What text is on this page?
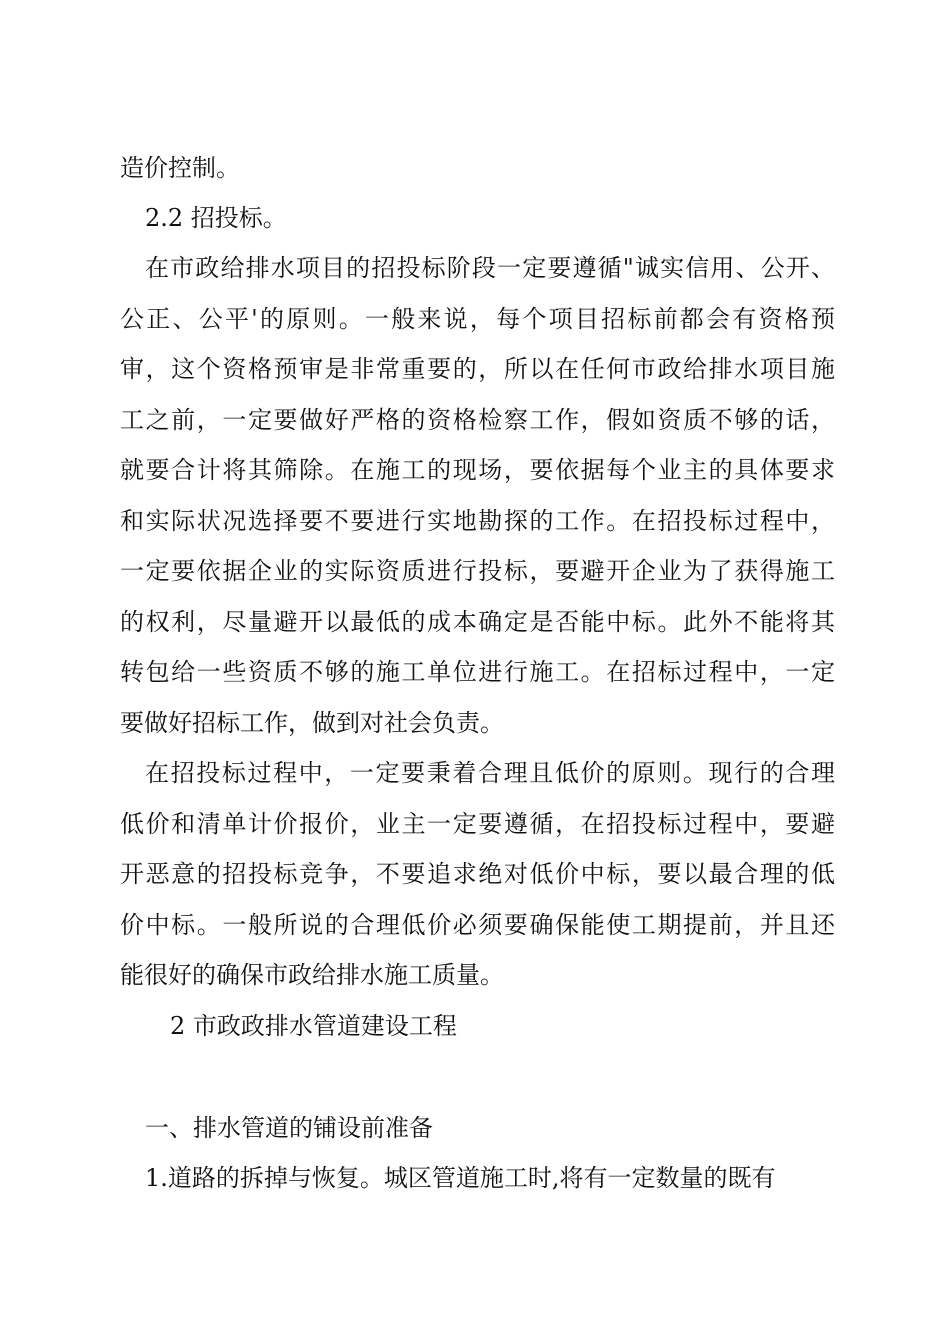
造价控制。
2.2 招投标。
在市政给排水项目的招投标阶段一定要遵循"诚实信用、公开、
公正、公平'的原则。一般来说，每个项目招标前都会有资格预
审，这个资格预审是非常重要的，所以在任何市政给排水项目施
工之前，一定要做好严格的资格检察工作，假如资质不够的话，
就要合计将其筛除。在施工的现场，要依据每个业主的具体要求
和实际状况选择要不要进行实地勘探的工作。在招投标过程中，
一定要依据企业的实际资质进行投标，要避开企业为了获得施工
的权利，尽量避开以最低的成本确定是否能中标。此外不能将其
转包给一些资质不够的施工单位进行施工。在招标过程中，一定
要做好招标工作，做到对社会负责。
在招投标过程中，一定要秉着合理且低价的原则。现行的合理
低价和清单计价报价，业主一定要遵循，在招投标过程中，要避
开恶意的招投标竞争，不要追求绝对低价中标，要以最合理的低
价中标。一般所说的合理低价必须要确保能使工期提前，并且还
能很好的确保市政给排水施工质量。
2 市政政排水管道建设工程
一、排水管道的铺设前准备
1.道路的拆掉与恢复。城区管道施工时,将有一定数量的既有
